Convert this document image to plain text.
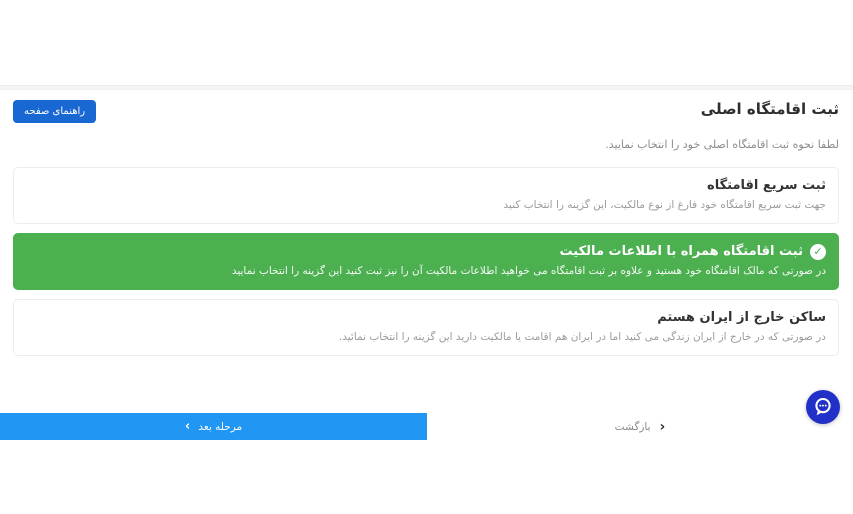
ثبت اقامتگاه اصلی
راهنمای صفحه

لطفا نحوه ثبت اقامتگاه اصلی خود را انتخاب نمایید.

ثبت سریع اقامتگاه
جهت ثبت سریع اقامتگاه خود فارغ از نوع مالکیت، این گزینه را انتخاب کنید
✓
ثبت اقامتگاه همراه با اطلاعات مالکیت
در صورتی که مالک اقامتگاه خود هستید و علاوه بر ثبت اقامتگاه می خواهید اطلاعات مالکیت آن را نیز ثبت کنید این گزینه را انتخاب نمایید
ساکن خارج از ایران هستم
در صورتی که در خارج از ایران زندگی می کنید اما در ایران هم اقامت یا مالکیت دارید این گزینه را انتخاب نمائید.
‹ مرحله بعد	بازگشت ›
